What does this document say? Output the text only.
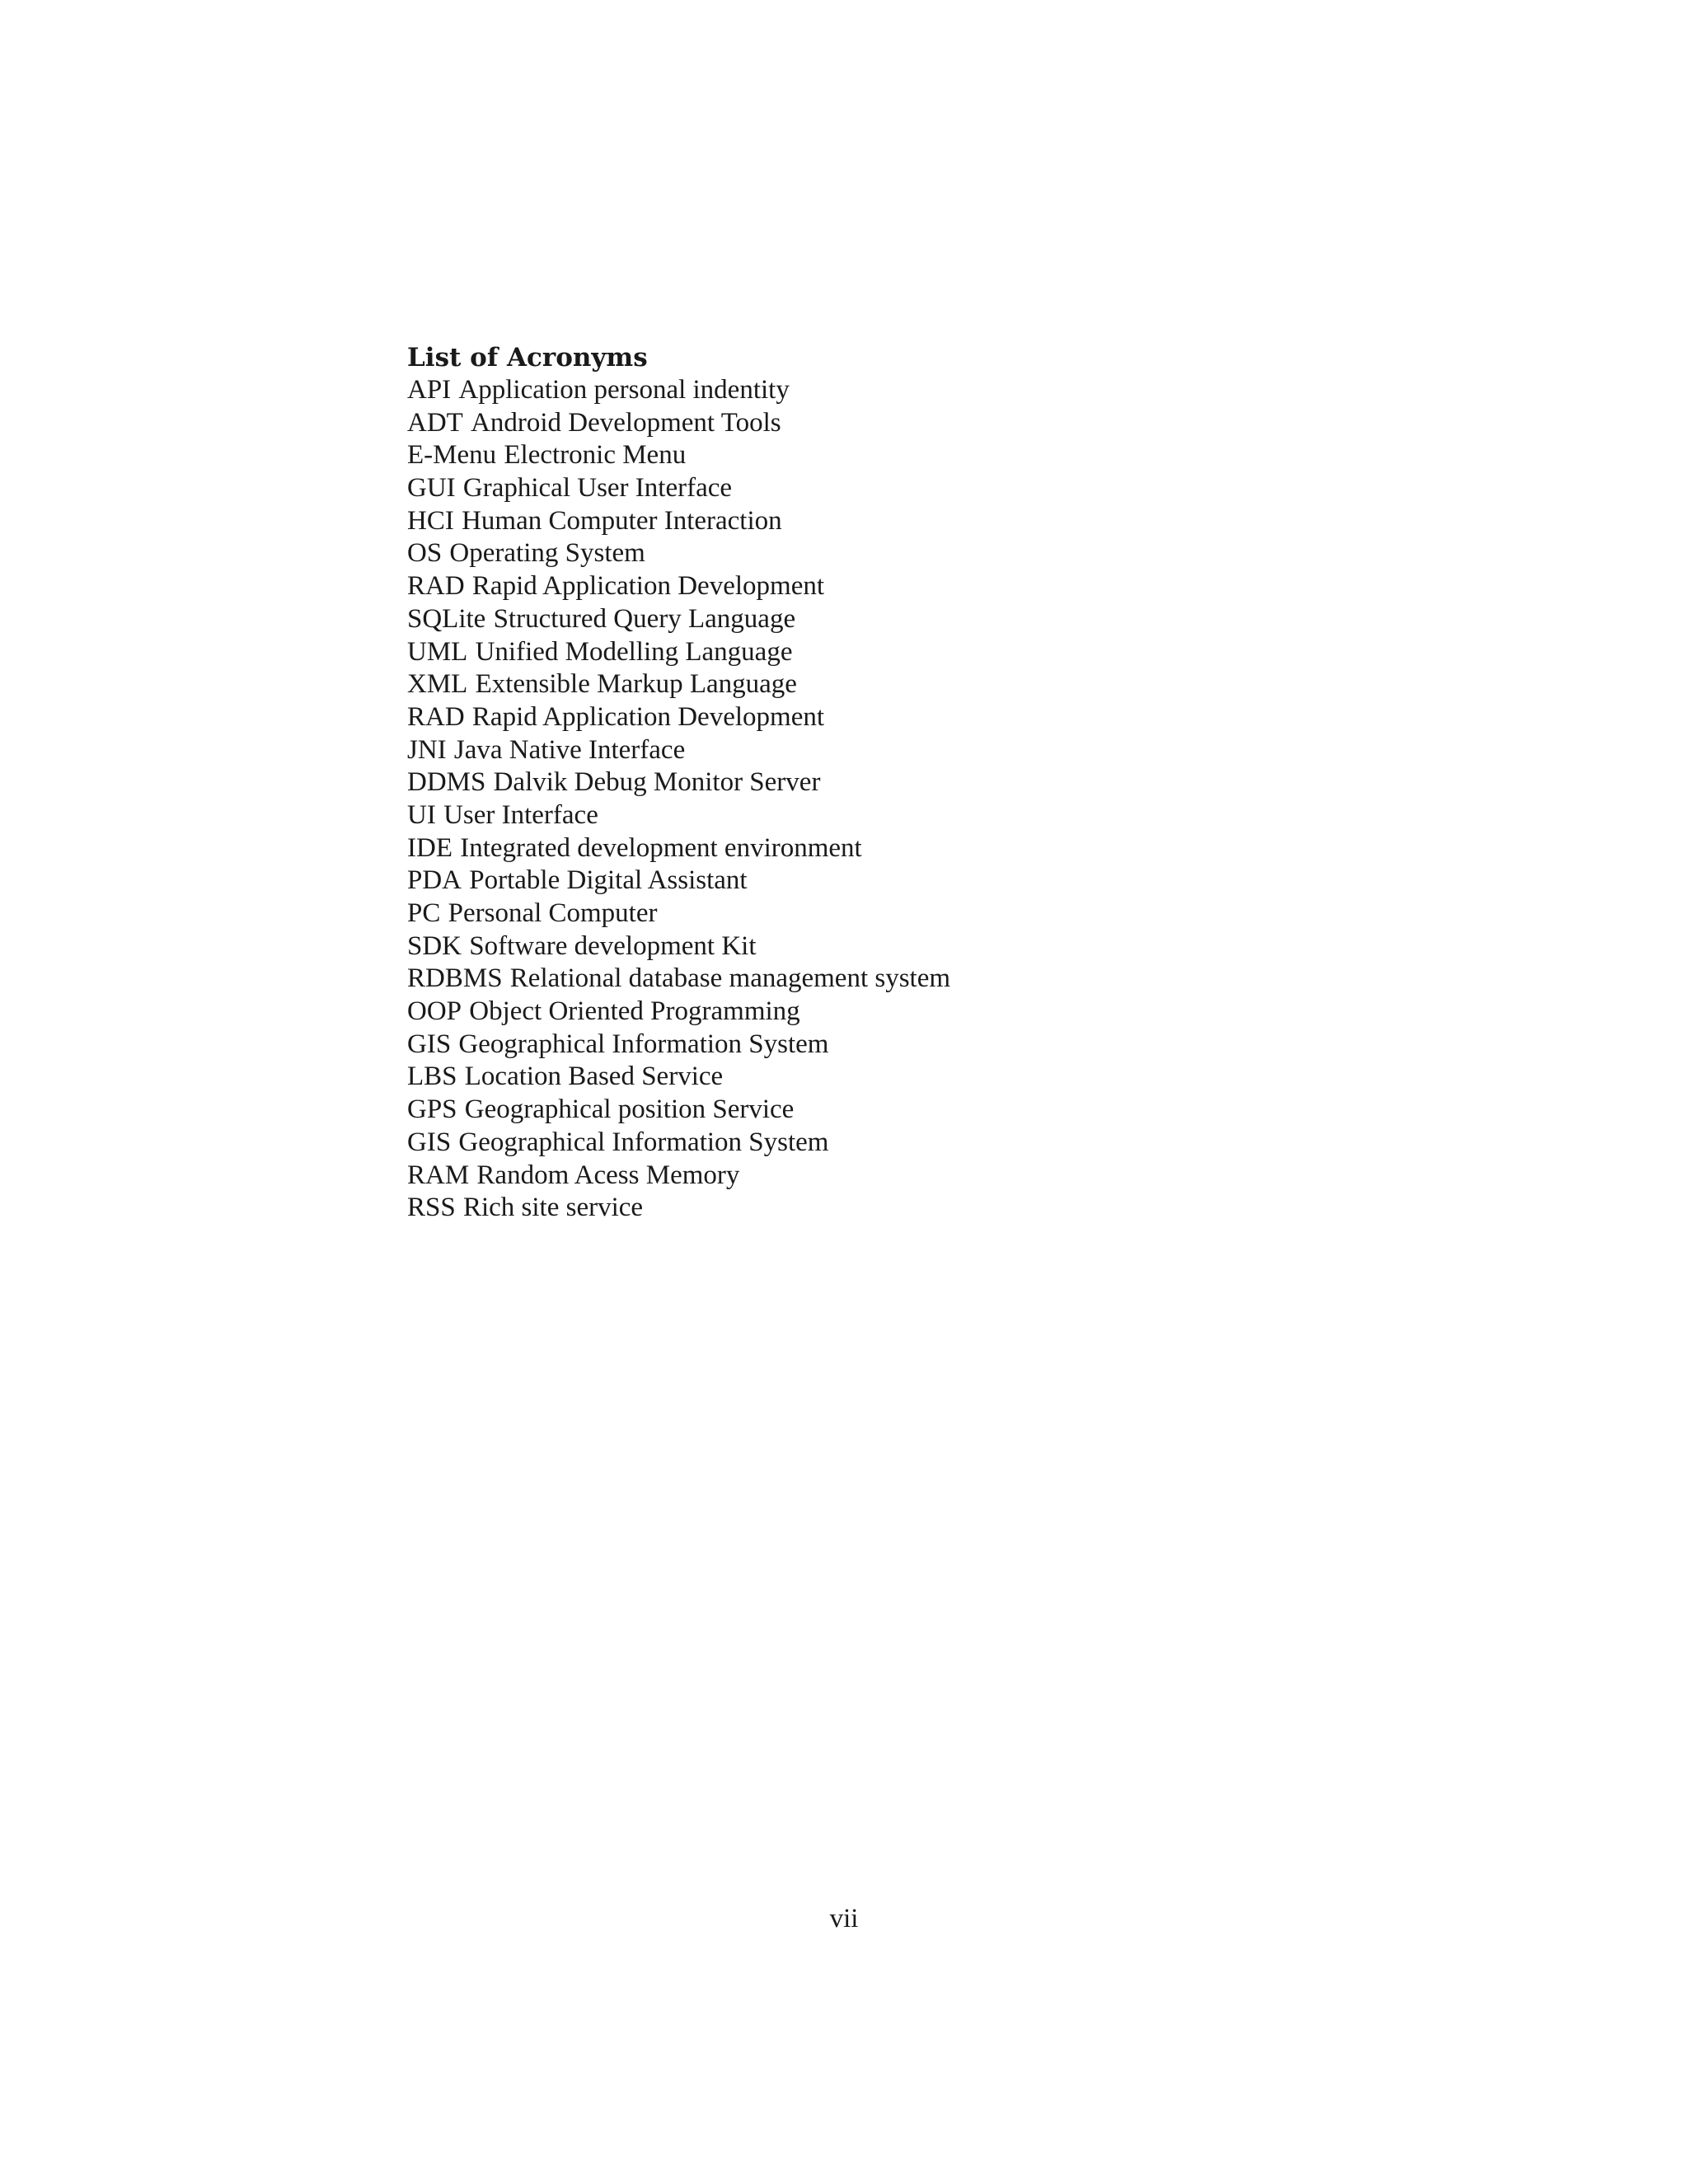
List of Acronyms
API Application personal indentity
ADT Android Development Tools
E-Menu Electronic Menu
GUI Graphical User Interface
HCI Human Computer Interaction
OS Operating System
RAD Rapid Application Development
SQLite Structured Query Language
UML Unified Modelling Language
XML Extensible Markup Language
RAD Rapid Application Development
JNI Java Native Interface
DDMS Dalvik Debug Monitor Server
UI User Interface
IDE Integrated development environment
PDA Portable Digital Assistant
PC Personal Computer
SDK Software development Kit
RDBMS Relational database management system
OOP Object Oriented Programming
GIS Geographical Information System
LBS Location Based Service
GPS Geographical position Service
GIS Geographical Information System
RAM Random Acess Memory
RSS Rich site service
vii
